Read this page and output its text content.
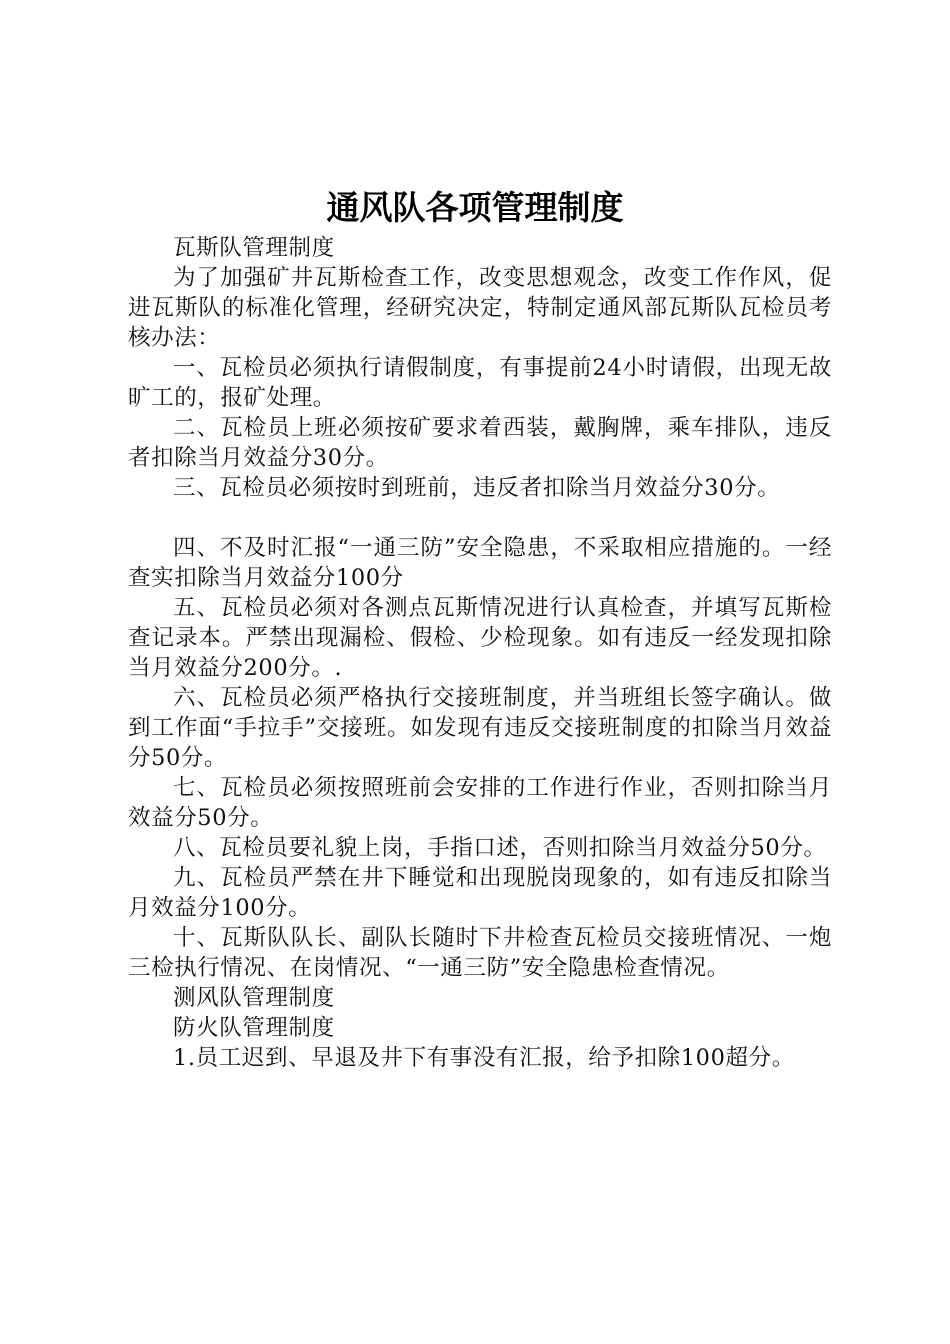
通风队各项管理制度

瓦斯队管理制度

为了加强矿井瓦斯检查工作，改变思想观念，改变工作作风，促进瓦斯队的标准化管理，经研究决定，特制定通风部瓦斯队瓦检员考核办法：

一、瓦检员必须执行请假制度，有事提前24小时请假，出现无故旷工的，报矿处理。

二、瓦检员上班必须按矿要求着西装，戴胸牌，乘车排队，违反者扣除当月效益分30分。

三、瓦检员必须按时到班前，违反者扣除当月效益分30分。

四、不及时汇报“一通三防”安全隐患，不采取相应措施的。一经查实扣除当月效益分100分

五、瓦检员必须对各测点瓦斯情况进行认真检查，并填写瓦斯检查记录本。严禁出现漏检、假检、少检现象。如有违反一经发现扣除当月效益分200分。.

六、瓦检员必须严格执行交接班制度，并当班组长签字确认。做到工作面“手拉手”交接班。如发现有违反交接班制度的扣除当月效益分50分。

七、瓦检员必须按照班前会安排的工作进行作业，否则扣除当月效益分50分。

八、瓦检员要礼貌上岗，手指口述，否则扣除当月效益分50分。

九、瓦检员严禁在井下睡觉和出现脱岗现象的，如有违反扣除当月效益分100分。

十、瓦斯队队长、副队长随时下井检查瓦检员交接班情况、一炮三检执行情况、在岗情况、“一通三防”安全隐患检查情况。

测风队管理制度

防火队管理制度

1.员工迟到、早退及井下有事没有汇报，给予扣除100超分。
